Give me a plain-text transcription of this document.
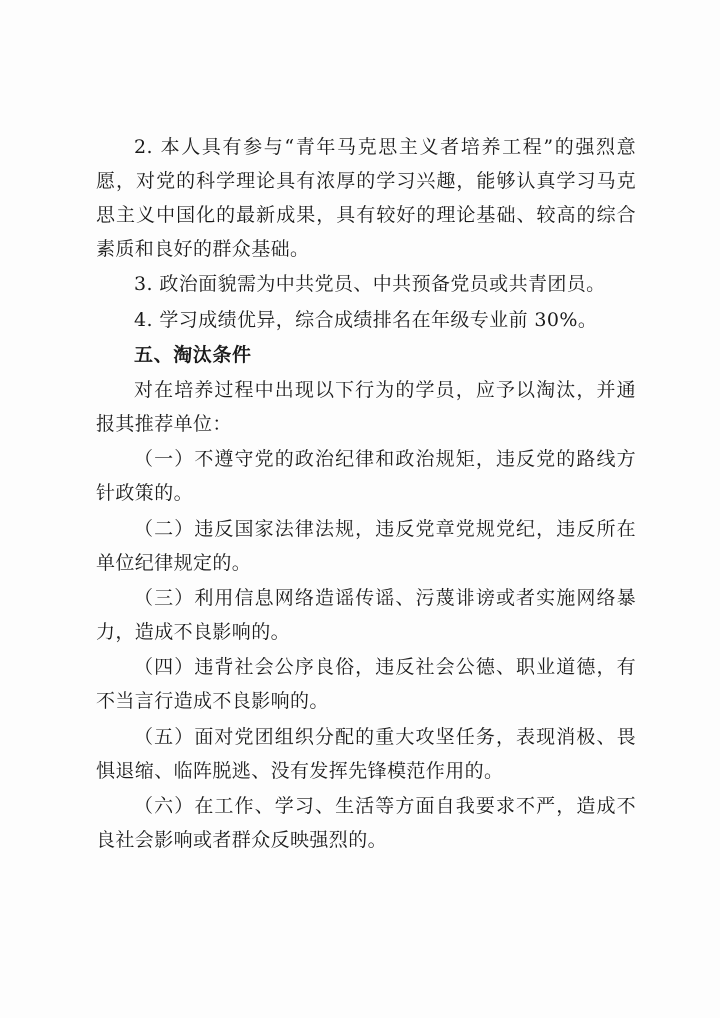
2. 本人具有参与“青年马克思主义者培养工程”的强烈意愿，对党的科学理论具有浓厚的学习兴趣，能够认真学习马克思主义中国化的最新成果，具有较好的理论基础、较高的综合素质和良好的群众基础。

3. 政治面貌需为中共党员、中共预备党员或共青团员。

4. 学习成绩优异，综合成绩排名在年级专业前 30%。

五、淘汰条件

对在培养过程中出现以下行为的学员，应予以淘汰，并通报其推荐单位：

（一）不遵守党的政治纪律和政治规矩，违反党的路线方针政策的。

（二）违反国家法律法规，违反党章党规党纪，违反所在单位纪律规定的。

（三）利用信息网络造谣传谣、污蔑诽谤或者实施网络暴力，造成不良影响的。

（四）违背社会公序良俗，违反社会公德、职业道德，有不当言行造成不良影响的。

（五）面对党团组织分配的重大攻坚任务，表现消极、畏惧退缩、临阵脱逃、没有发挥先锋模范作用的。

（六）在工作、学习、生活等方面自我要求不严，造成不良社会影响或者群众反映强烈的。
